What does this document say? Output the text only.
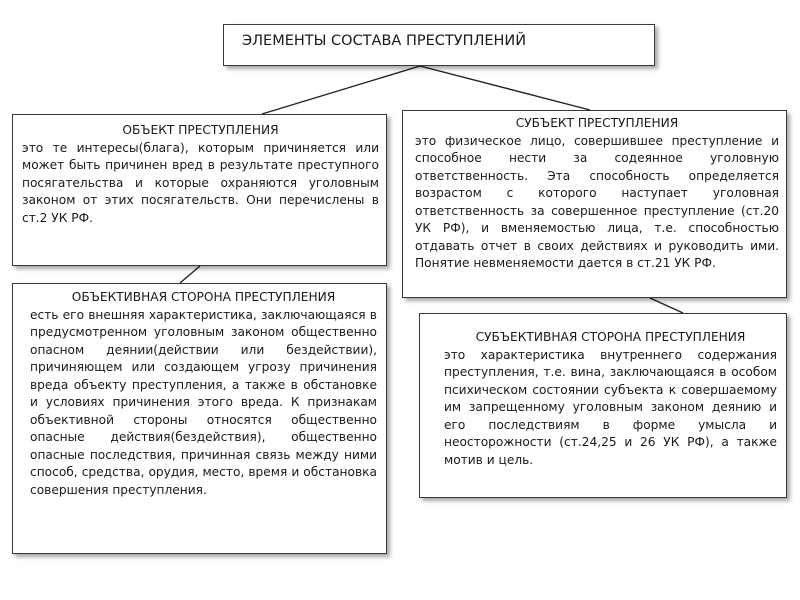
ЭЛЕМЕНТЫ СОСТАВА ПРЕСТУПЛЕНИЙ
ОБЪЕКТ ПРЕСТУПЛЕНИЯ
это те интересы(блага), которым причиняется или может быть причинен вред в результате преступного посягательства и которые охраняются уголовным законом от этих посягательств. Они перечислены в ст.2 УК РФ.
СУБЪЕКТ ПРЕСТУПЛЕНИЯ
это физическое лицо, совершившее преступление и способное нести за содеянное уголовную ответственность. Эта способность определяется возрастом с которого наступает уголовная ответственность за совершенное преступление (ст.20 УК РФ), и вменяемостью лица, т.е. способностью отдавать отчет в своих действиях и руководить ими. Понятие невменяемости дается в ст.21 УК РФ.
ОБЪЕКТИВНАЯ СТОРОНА ПРЕСТУПЛЕНИЯ
есть его внешняя характеристика, заключающаяся в предусмотренном уголовным законом общественно опасном деянии(действии или бездействии), причиняющем или создающем угрозу причинения вреда объекту преступления, а также в обстановке и условиях причинения этого вреда. К признакам объективной стороны относятся общественно опасные действия(бездействия), общественно опасные последствия, причинная связь между ними способ, средства, орудия, место, время и обстановка совершения преступления.
СУБЪЕКТИВНАЯ СТОРОНА ПРЕСТУПЛЕНИЯ
это характеристика внутреннего содержания преступления, т.е. вина, заключающаяся в особом психическом состоянии субъекта к совершаемому им запрещенному уголовным законом деянию и его последствиям в форме умысла и неосторожности (ст.24,25 и 26 УК РФ), а также мотив и цель.
